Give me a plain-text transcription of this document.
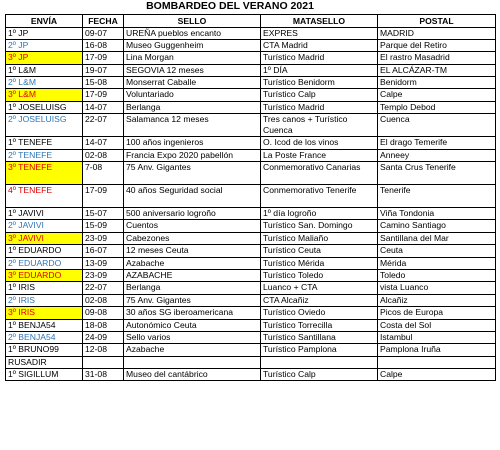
	BOMBARDEO DEL VERANO 2021			
ENVÍA	FECHA	SELLO	MATASELLO	POSTAL
1º JP	09-07	UREÑA pueblos encanto	EXPRES	MADRID
2º JP	16-08	Museo Guggenheim	CTA Madrid	Parque del Retiro
3º JP	17-09	Lina Morgan	Turístico Madrid	El rastro Masadrid
1º L&M	19-07	SEGOVIA 12 meses	1º DÍA	EL ALCÁZAR-TM
2º L&M	15-08	Monserrat Caballe	Turístico Benidorm	Benidorm
3º L&M	17-09	Voluntariado	Turístico Calp	Calpe
1º JOSELUISG	14-07	Berlanga	Turístico Madrid	Templo Debod
2º JOSELUISG	22-07	Salamanca 12 meses	Tres canos + Turístico Cuenca	Cuenca
1º TENEFE	14-07	100 años ingenieros	O. Icod de los vinos	El drago Temerife
2º TENEFE	02-08	Francia Expo 2020 pabellón	La Poste France	Anneey
3º TENEFE	7-08	75 Anv. Gigantes	Conmemorativo Canarias	Santa Crus Tenerife
4º TENEFE	17-09	40 años Seguridad social	Conmemorativo Tenerife	Tenerife
1º JAVIVI	15-07	500 aniversario logroño	1º día logroño	Viña Tondonia
2º JAVIVI	15-09	Cuentos	Turístico San. Domingo	Camino Santiago
3º JAVIVI	23-09	Cabezones	Turístico Maliaño	Santillana del Mar
1º EDUARDO	16-07	12 meses Ceuta	Turístico Ceuta	Ceuta
2º EDUARDO	13-09	Azabache	Turístico Mérida	Mérida
3º EDUARDO	23-09	AZABACHE	Turístico Toledo	Toledo
1º IRIS	22-07	Berlanga	Luanco + CTA	vista Luanco
2º IRIS	02-08	75 Anv. Gigantes	CTA Alcañiz	Alcañiz
3º IRIS	09-08	30 años SG iberoamericana	Turístico Oviedo	Picos de Europa
1º BENJA54	18-08	Autonómico Ceuta	Turístico Torrecilla	Costa del Sol
2º BENJA54	24-09	Sello varios	Turístico Santillana	Istambul
1º BRUNO99	12-08	Azabache	Turístico Pamplona	Pamplona Iruña
RUSADIR				
1º SIGILLUM	31-08	Museo del cantábrico	Turístico Calp	Calpe
